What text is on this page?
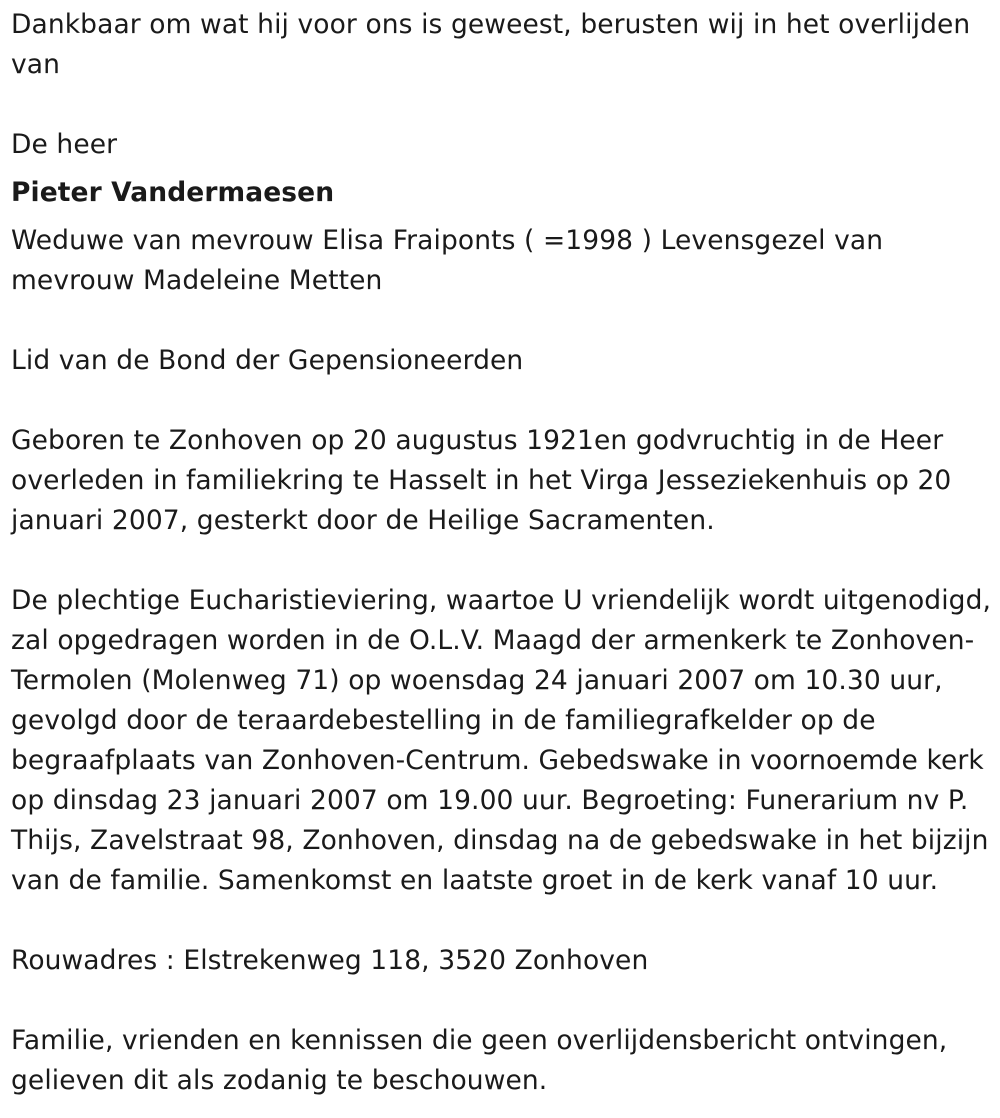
Dankbaar om wat hij voor ons is geweest, berusten wij in het overlijden van

De heer

Pieter Vandermaesen

Weduwe van mevrouw Elisa Fraiponts ( =1998 ) Levensgezel van mevrouw Madeleine Metten

Lid van de Bond der Gepensioneerden

Geboren te Zonhoven op 20 augustus 1921en godvruchtig in de Heer overleden in familiekring te Hasselt in het Virga Jesseziekenhuis op 20 januari 2007, gesterkt door de Heilige Sacramenten.

De plechtige Eucharistieviering, waartoe U vriendelijk wordt uitgenodigd, zal opgedragen worden in de O.L.V. Maagd der armenkerk te Zonhoven-Termolen (Molenweg 71) op woensdag 24 januari 2007 om 10.30 uur, gevolgd door de teraardebestelling in de familiegrafkelder op de begraafplaats van Zonhoven-Centrum. Gebedswake in voornoemde kerk op dinsdag 23 januari 2007 om 19.00 uur. Begroeting: Funerarium nv P. Thijs, Zavelstraat 98, Zonhoven, dinsdag na de gebedswake in het bijzijn van de familie. Samenkomst en laatste groet in de kerk vanaf 10 uur.

Rouwadres : Elstrekenweg 118, 3520 Zonhoven

Familie, vrienden en kennissen die geen overlijdensbericht ontvingen, gelieven dit als zodanig te beschouwen.
